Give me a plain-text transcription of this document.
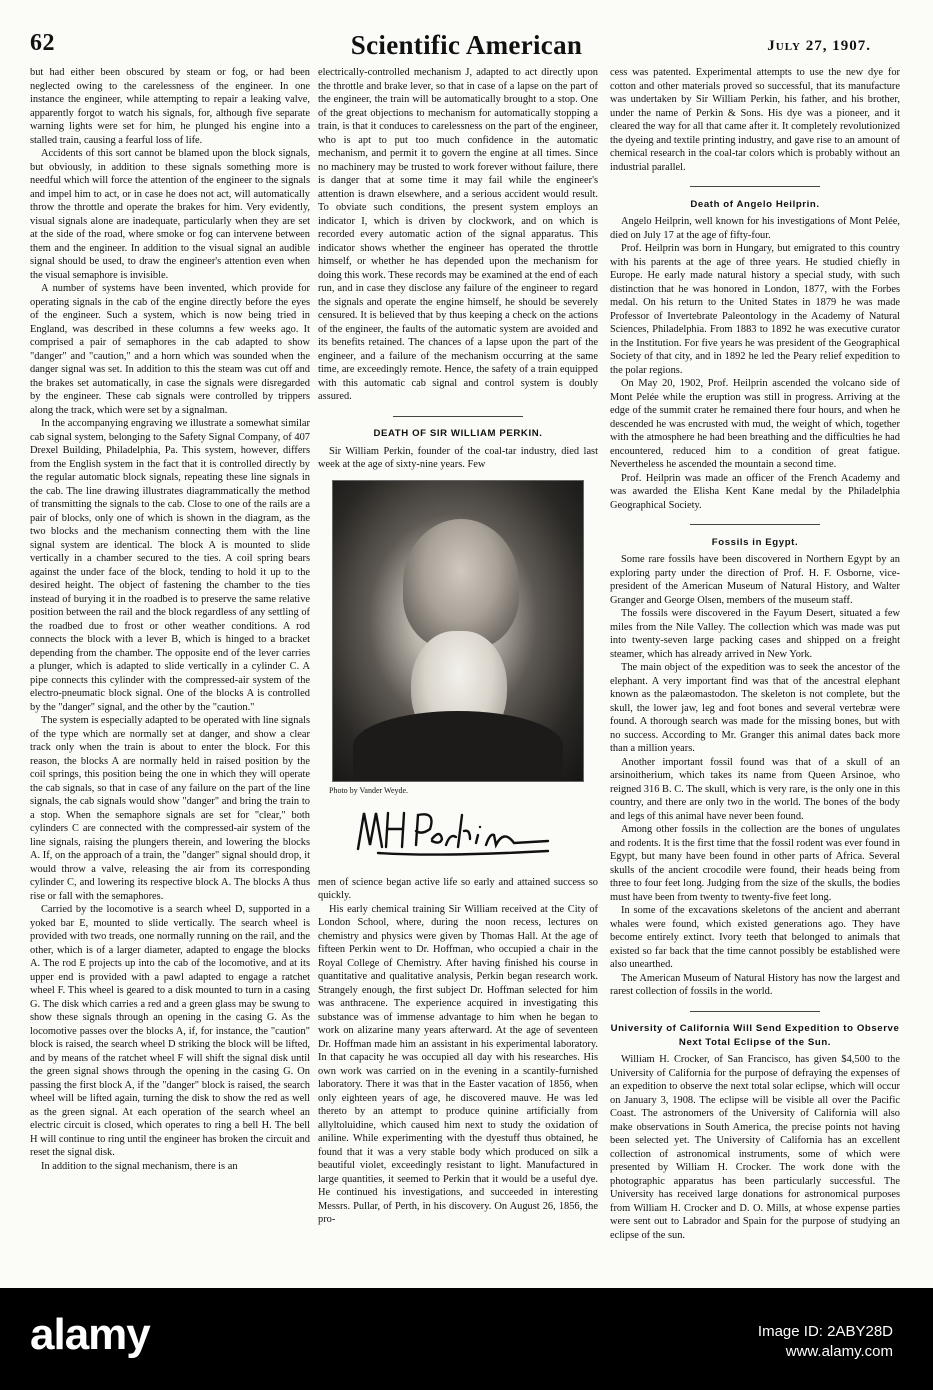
62	Scientific American	July 27, 1907.

but had either been obscured by steam or fog, or had been neglected owing to the carelessness of the engineer. In one instance the engineer, while attempting to repair a leaking valve, apparently forgot to watch his signals, for, although five separate warning lights were set for him, he plunged his engine into a stalled train, causing a fearful loss of life.

Accidents of this sort cannot be blamed upon the block signals, but obviously, in addition to these signals something more is needful which will force the attention of the engineer to the signals and impel him to act, or in case he does not act, will automatically throw the throttle and operate the brakes for him. Very evidently, visual signals alone are inadequate, particularly when they are set at the side of the road, where smoke or fog can intervene between them and the engineer. In addition to the visual signal an audible signal should be used, to draw the engineer's attention even when the visual semaphore is invisible.

A number of systems have been invented, which provide for operating signals in the cab of the engine directly before the eyes of the engineer. Such a system, which is now being tried in England, was described in these columns a few weeks ago. It comprised a pair of semaphores in the cab adapted to show "danger" and "caution," and a horn which was sounded when the danger signal was set. In addition to this the steam was cut off and the brakes set automatically, in case the signals were disregarded by the engineer. These cab signals were controlled by trippers along the track, which were set by a signalman.

In the accompanying engraving we illustrate a somewhat similar cab signal system, belonging to the Safety Signal Company, of 407 Drexel Building, Philadelphia, Pa. This system, however, differs from the English system in the fact that it is controlled directly by the regular automatic block signals, repeating these line signals in the cab. The line drawing illustrates diagrammatically the method of transmitting the signals to the cab. Close to one of the rails are a pair of blocks, only one of which is shown in the diagram, as the two blocks and the mechanism connecting them with the line signal system are identical. The block A is mounted to slide vertically in a chamber secured to the ties. A coil spring bears against the under face of the block, tending to hold it up to the desired height. The object of fastening the chamber to the ties instead of burying it in the roadbed is to preserve the same relative position between the rail and the block regardless of any settling of the roadbed due to frost or other weather conditions. A rod connects the block with a lever B, which is hinged to a bracket depending from the chamber. The opposite end of the lever carries a plunger, which is adapted to slide vertically in a cylinder C. A pipe connects this cylinder with the compressed-air system of the electro-pneumatic block signal. One of the blocks A is controlled by the "danger" signal, and the other by the "caution."

The system is especially adapted to be operated with line signals of the type which are normally set at danger, and show a clear track only when the train is about to enter the block. For this reason, the blocks A are normally held in raised position by the coil springs, this position being the one in which they will operate the cab signals, so that in case of any failure on the part of the line signals, the cab signals would show "danger" and bring the train to a stop. When the semaphore signals are set for "clear," both cylinders C are connected with the compressed-air system of the line signals, raising the plungers therein, and lowering the blocks A. If, on the approach of a train, the "danger" signal should drop, it would throw a valve, releasing the air from its corresponding cylinder C, and lowering its respective block A. The blocks A thus rise or fall with the semaphores.

Carried by the locomotive is a search wheel D, supported in a yoked bar E, mounted to slide vertically. The search wheel is provided with two treads, one normally running on the rail, and the other, which is of a larger diameter, adapted to engage the blocks A. The rod E projects up into the cab of the locomotive, and at its upper end is provided with a pawl adapted to engage a ratchet wheel F. This wheel is geared to a disk mounted to turn in a casing G. The disk which carries a red and a green glass may be swung to show these signals through an opening in the casing G. As the locomotive passes over the blocks A, if, for instance, the "caution" block is raised, the search wheel D striking the block will be lifted, and by means of the ratchet wheel F will shift the signal disk until the green signal shows through the opening in the casing G. On passing the first block A, if the "danger" block is raised, the search wheel will be lifted again, turning the disk to show the red as well as the green signal. At each operation of the search wheel an electric circuit is closed, which operates to ring a bell H. The bell H will continue to ring until the engineer has broken the circuit and reset the signal disk.

In addition to the signal mechanism, there is an

electrically-controlled mechanism J, adapted to act directly upon the throttle and brake lever, so that in case of a lapse on the part of the engineer, the train will be automatically brought to a stop. One of the great objections to mechanism for automatically stopping a train, is that it conduces to carelessness on the part of the engineer, who is apt to put too much confidence in the automatic mechanism, and permit it to govern the engine at all times. Since no machinery may be trusted to work forever without failure, there is danger that at some time it may fail while the engineer's attention is drawn elsewhere, and a serious accident would result. To obviate such conditions, the present system employs an indicator I, which is driven by clockwork, and on which is recorded every automatic action of the signal apparatus. This indicator shows whether the engineer has operated the throttle himself, or whether he has depended upon the mechanism for doing this work. These records may be examined at the end of each run, and in case they disclose any failure of the engineer to regard the signals and operate the engine himself, he should be severely censured. It is believed that by thus keeping a check on the actions of the engineer, the faults of the automatic system are avoided and its benefits retained. The chances of a lapse upon the part of the engineer, and a failure of the mechanism occurring at the same time, are exceedingly remote. Hence, the safety of a train equipped with this automatic cab signal and control system is doubly assured.

DEATH OF SIR WILLIAM PERKIN.

Sir William Perkin, founder of the coal-tar industry, died last week at the age of sixty-nine years. Few

Photo by Vander Weyde.

men of science began active life so early and attained success so quickly.

His early chemical training Sir William received at the City of London School, where, during the noon recess, lectures on chemistry and physics were given by Thomas Hall. At the age of fifteen Perkin went to Dr. Hoffman, who occupied a chair in the Royal College of Chemistry. After having finished his course in quantitative and qualitative analysis, Perkin began research work. Strangely enough, the first subject Dr. Hoffman selected for him was anthracene. The experience acquired in investigating this substance was of immense advantage to him when he began to work on alizarine many years afterward. At the age of seventeen Dr. Hoffman made him an assistant in his experimental laboratory. In that capacity he was occupied all day with his researches. His own work was carried on in the evening in a scantily-furnished laboratory. There it was that in the Easter vacation of 1856, when only eighteen years of age, he discovered mauve. He was led thereto by an attempt to produce quinine artificially from allyltoluidine, which caused him next to study the oxidation of aniline. While experimenting with the dyestuff thus obtained, he found that it was a very stable body which produced on silk a beautiful violet, exceedingly resistant to light. Manufactured in large quantities, it seemed to Perkin that it would be a useful dye. He continued his investigations, and succeeded in interesting Messrs. Pullar, of Perth, in his discovery. On August 26, 1856, the pro-

cess was patented. Experimental attempts to use the new dye for cotton and other materials proved so successful, that its manufacture was undertaken by Sir William Perkin, his father, and his brother, under the name of Perkin & Sons. His dye was a pioneer, and it cleared the way for all that came after it. It completely revolutionized the dyeing and textile printing industry, and gave rise to an amount of chemical research in the coal-tar colors which is probably without an industrial parallel.

Death of Angelo Heilprin.

Angelo Heilprin, well known for his investigations of Mont Pelée, died on July 17 at the age of fifty-four.

Prof. Heilprin was born in Hungary, but emigrated to this country with his parents at the age of three years. He studied chiefly in Europe. He early made natural history a special study, with such distinction that he was honored in London, 1877, with the Forbes medal. On his return to the United States in 1879 he was made Professor of Invertebrate Paleontology in the Academy of Natural Sciences, Philadelphia. From 1883 to 1892 he was executive curator in the Institution. For five years he was president of the Geographical Society of that city, and in 1892 he led the Peary relief expedition to the polar regions.

On May 20, 1902, Prof. Heilprin ascended the volcano side of Mont Pelée while the eruption was still in progress. Arriving at the edge of the summit crater he remained there four hours, and when he descended he was encrusted with mud, the weight of which, together with the atmosphere he had been breathing and the difficulties he had encountered, reduced him to a condition of great fatigue. Nevertheless he ascended the mountain a second time.

Prof. Heilprin was made an officer of the French Academy and was awarded the Elisha Kent Kane medal by the Philadelphia Geographical Society.

Fossils in Egypt.

Some rare fossils have been discovered in Northern Egypt by an exploring party under the direction of Prof. H. F. Osborne, vice-president of the American Museum of Natural History, and Walter Granger and George Olsen, members of the museum staff.

The fossils were discovered in the Fayum Desert, situated a few miles from the Nile Valley. The collection which was made was put into twenty-seven large packing cases and shipped on a freight steamer, which has already arrived in New York.

The main object of the expedition was to seek the ancestor of the elephant. A very important find was that of the ancestral elephant known as the palæomastodon. The skeleton is not complete, but the skull, the lower jaw, leg and foot bones and several vertebræ were found. A thorough search was made for the missing bones, but with no success. According to Mr. Granger this animal dates back more than a million years.

Another important fossil found was that of a skull of an arsinoitherium, which takes its name from Queen Arsinoe, who reigned 316 B. C. The skull, which is very rare, is the only one in this country, and there are only two in the world. The bones of the body and legs of this animal have never been found.

Among other fossils in the collection are the bones of ungulates and rodents. It is the first time that the fossil rodent was ever found in Egypt, but many have been found in other parts of Africa. Several skulls of the ancient crocodile were found, their heads being from three to four feet long. Judging from the size of the skulls, the bodies must have been from twenty to twenty-five feet long.

In some of the excavations skeletons of the ancient and aberrant whales were found, which existed generations ago. They have become entirely extinct. Ivory teeth that belonged to animals that existed so far back that the time cannot possibly be established were also unearthed.

The American Museum of Natural History has now the largest and rarest collection of fossils in the world.

University of California Will Send Expedition to Observe Next Total Eclipse of the Sun.

William H. Crocker, of San Francisco, has given $4,500 to the University of California for the purpose of defraying the expenses of an expedition to observe the next total solar eclipse, which will occur on January 3, 1908. The eclipse will be visible all over the Pacific Coast. The astronomers of the University of California will also make observations in South America, the precise points not having been selected yet. The University of California has an excellent collection of astronomical instruments, some of which were presented by William H. Crocker. The work done with the photographic apparatus has been particularly successful. The University has received large donations for astronomical purposes from William H. Crocker and D. O. Mills, at whose expense parties were sent out to Labrador and Spain for the purpose of studying an eclipse of the sun.

alamy	Image ID: 2ABY28D
www.alamy.com
